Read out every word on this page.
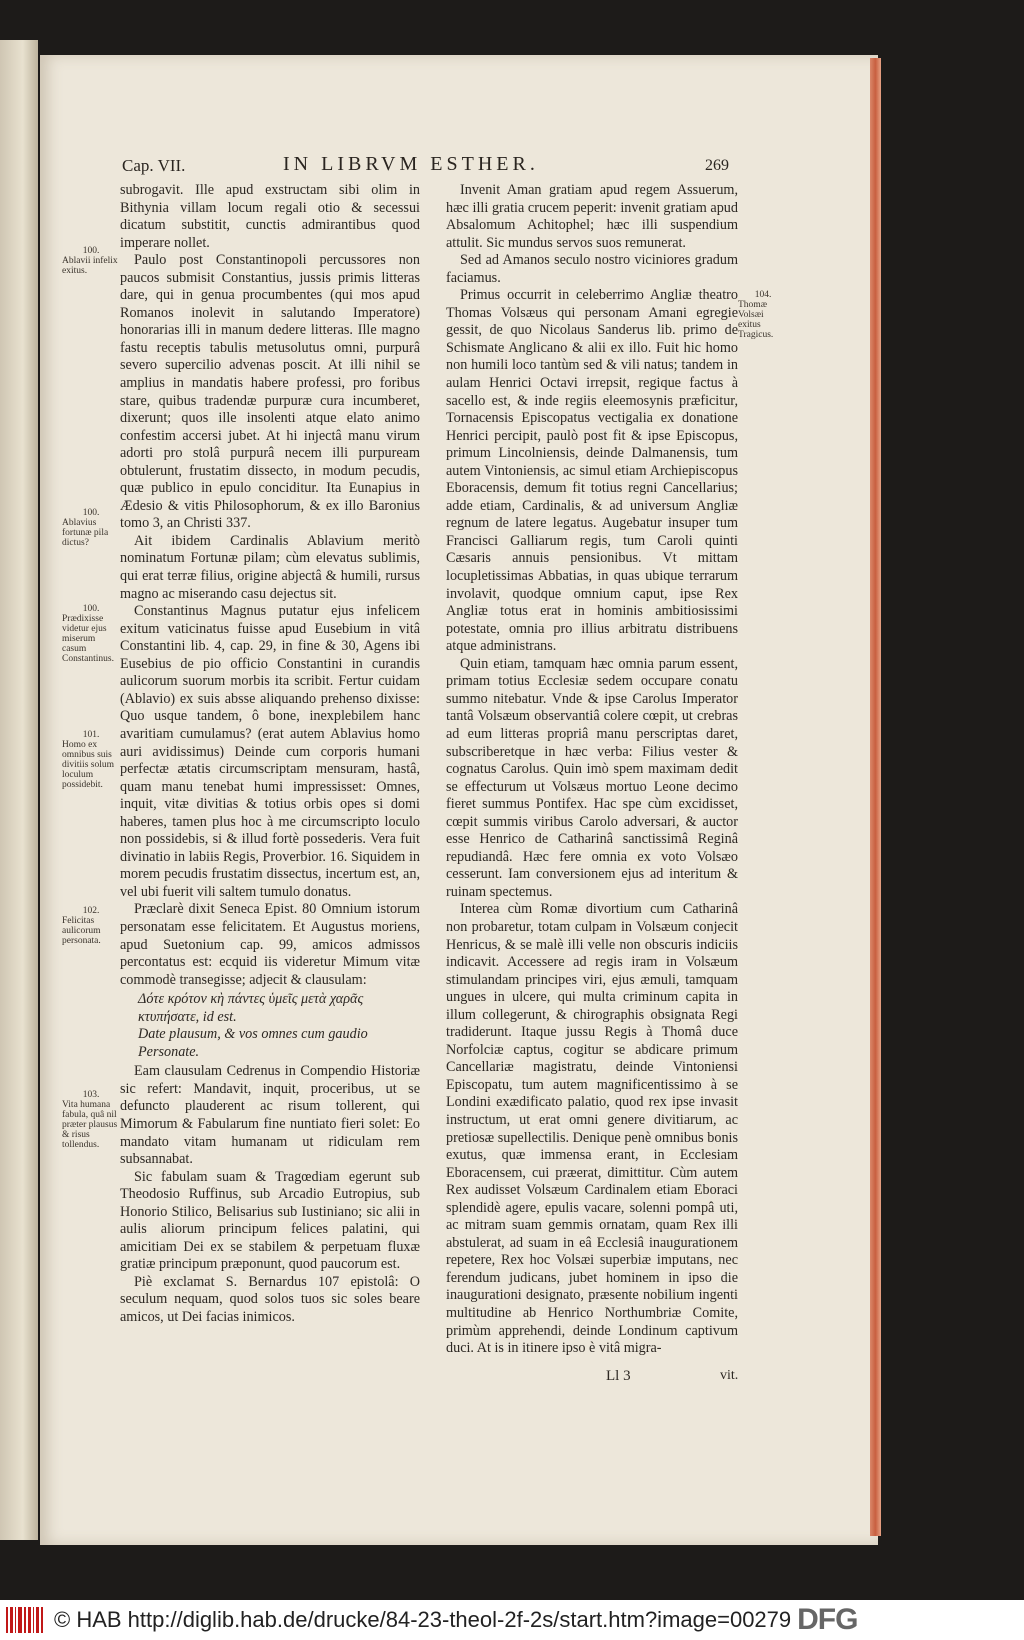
Cap. VII.	IN LIBRVM ESTHER.	269
100.
Ablavii infelix exitus.
100.
Ablavius fortunæ pila dictus?
100.
Prædixisse videtur ejus miserum casum Constantinus.
101.
Homo ex omnibus suis divitiis solum loculum possidebit.
102.
Felicitas aulicorum personata.
103.
Vita humana fabula, quâ nil præter plausus & risus tollendus.
104.
Thomæ Volsæi exitus Tragicus.

subrogavit. Ille apud exstructam sibi olim in Bithynia villam locum regali otio & secessui dicatum substitit, cunctis admirantibus quod imperare nollet.

Paulo post Constantinopoli percussores non paucos submisit Constantius, jussis primis litteras dare, qui in genua procumbentes (qui mos apud Romanos inolevit in salutando Imperatore) honorarias illi in manum dedere litteras. Ille magno fastu receptis tabulis metusolutus omni, purpurâ severo supercilio advenas poscit. At illi nihil se amplius in mandatis habere professi, pro foribus stare, quibus tradendæ purpuræ cura incumberet, dixerunt; quos ille insolenti atque elato animo confestim accersi jubet. At hi injectâ manu virum adorti pro stolâ purpurâ necem illi purpuream obtulerunt, frustatim dissecto, in modum pecudis, quæ publico in epulo conciditur. Ita Eunapius in Ædesio & vitis Philosophorum, & ex illo Baronius tomo 3, an Christi 337.

Ait ibidem Cardinalis Ablavium meritò nominatum Fortunæ pilam; cùm elevatus sublimis, qui erat terræ filius, origine abjectâ & humili, rursus magno ac miserando casu dejectus sit.

Constantinus Magnus putatur ejus infelicem exitum vaticinatus fuisse apud Eusebium in vitâ Constantini lib. 4, cap. 29, in fine & 30, Agens ibi Eusebius de pio officio Constantini in curandis aulicorum suorum morbis ita scribit. Fertur cuidam (Ablavio) ex suis absse aliquando prehenso dixisse: Quo usque tandem, ô bone, inexplebilem hanc avaritiam cumulamus? (erat autem Ablavius homo auri avidissimus) Deinde cum corporis humani perfectæ ætatis circumscriptam mensuram, hastâ, quam manu tenebat humi impressisset: Omnes, inquit, vitæ divitias & totius orbis opes si domi haberes, tamen plus hoc à me circumscripto loculo non possidebis, si & illud fortè possederis. Vera fuit divinatio in labiis Regis, Proverbior. 16. Siquidem in morem pecudis frustatim dissectus, incertum est, an, vel ubi fuerit vili saltem tumulo donatus.

Præclarè dixit Seneca Epist. 80 Omnium istorum personatam esse felicitatem. Et Augustus moriens, apud Suetonium cap. 99, amicos admissos percontatus est: ecquid iis videretur Mimum vitæ commodè transegisse; adjecit & clausulam:

Δότε κρότον κὴ πάντες ὑμεῖς μετὰ χαρᾶς
κτυπήσατε, id est.
Date plausum, & vos omnes cum gaudio
Personate.

Eam clausulam Cedrenus in Compendio Historiæ sic refert: Mandavit, inquit, proceribus, ut se defuncto plauderent ac risum tollerent, qui Mimorum & Fabularum fine nuntiato fieri solet: Eo mandato vitam humanam ut ridiculam rem subsannabat.

Sic fabulam suam & Tragœdiam egerunt sub Theodosio Ruffinus, sub Arcadio Eutropius, sub Honorio Stilico, Belisarius sub Iustiniano; sic alii in aulis aliorum principum felices palatini, qui amicitiam Dei ex se stabilem & perpetuam fluxæ gratiæ principum præponunt, quod paucorum est.

Piè exclamat S. Bernardus 107 epistolâ: O seculum nequam, quod solos tuos sic soles beare amicos, ut Dei facias inimicos.

Invenit Aman gratiam apud regem Assuerum, hæc illi gratia crucem peperit: invenit gratiam apud Absalomum Achitophel; hæc illi suspendium attulit. Sic mundus servos suos remunerat.

Sed ad Amanos seculo nostro viciniores gradum faciamus.

Primus occurrit in celeberrimo Angliæ theatro Thomas Volsæus qui personam Amani egregie gessit, de quo Nicolaus Sanderus lib. primo de Schismate Anglicano & alii ex illo. Fuit hic homo non humili loco tantùm sed & vili natus; tandem in aulam Henrici Octavi irrepsit, regique factus à sacello est, & inde regiis eleemosynis præficitur, Tornacensis Episcopatus vectigalia ex donatione Henrici percipit, paulò post fit & ipse Episcopus, primum Lincolniensis, deinde Dalmanensis, tum autem Vintoniensis, ac simul etiam Archiepiscopus Eboracensis, demum fit totius regni Cancellarius; adde etiam, Cardinalis, & ad universum Angliæ regnum de latere legatus. Augebatur insuper tum Francisci Galliarum regis, tum Caroli quinti Cæsaris annuis pensionibus. Vt mittam locupletissimas Abbatias, in quas ubique terrarum involavit, quodque omnium caput, ipse Rex Angliæ totus erat in hominis ambitiosissimi potestate, omnia pro illius arbitratu distribuens atque administrans.

Quin etiam, tamquam hæc omnia parum essent, primam totius Ecclesiæ sedem occupare conatu summo nitebatur. Vnde & ipse Carolus Imperator tantâ Volsæum observantiâ colere cœpit, ut crebras ad eum litteras propriâ manu perscriptas daret, subscriberetque in hæc verba: Filius vester & cognatus Carolus. Quin imò spem maximam dedit se effecturum ut Volsæus mortuo Leone decimo fieret summus Pontifex. Hac spe cùm excidisset, cœpit summis viribus Carolo adversari, & auctor esse Henrico de Catharinâ sanctissimâ Reginâ repudiandâ. Hæc fere omnia ex voto Volsæo cesserunt. Iam conversionem ejus ad interitum & ruinam spectemus.

Interea cùm Romæ divortium cum Catharinâ non probaretur, totam culpam in Volsæum conjecit Henricus, & se malè illi velle non obscuris indiciis indicavit. Accessere ad regis iram in Volsæum stimulandam principes viri, ejus æmuli, tamquam ungues in ulcere, qui multa criminum capita in illum collegerunt, & chirographis obsignata Regi tradiderunt. Itaque jussu Regis à Thomâ duce Norfolciæ captus, cogitur se abdicare primum Cancellariæ magistratu, deinde Vintoniensi Episcopatu, tum autem magnificentissimo à se Londini exædificato palatio, quod rex ipse invasit instructum, ut erat omni genere divitiarum, ac pretiosæ supellectilis. Denique penè omnibus bonis exutus, quæ immensa erant, in Ecclesiam Eboracensem, cui præerat, dimittitur. Cùm autem Rex audisset Volsæum Cardinalem etiam Eboraci splendidè agere, epulis vacare, solenni pompâ uti, ac mitram suam gemmis ornatam, quam Rex illi abstulerat, ad suam in eâ Ecclesiâ inaugurationem repetere, Rex hoc Volsæi superbiæ imputans, nec ferendum judicans, jubet hominem in ipso die inaugurationi designato, præsente nobilium ingenti multitudine ab Henrico Northumbriæ Comite, primùm apprehendi, deinde Londinum captivum duci. At is in itinere ipso è vitâ migra-

Ll 3	vit.
© HAB http://diglib.hab.de/drucke/84-23-theol-2f-2s/start.htm?image=00279 DFG
